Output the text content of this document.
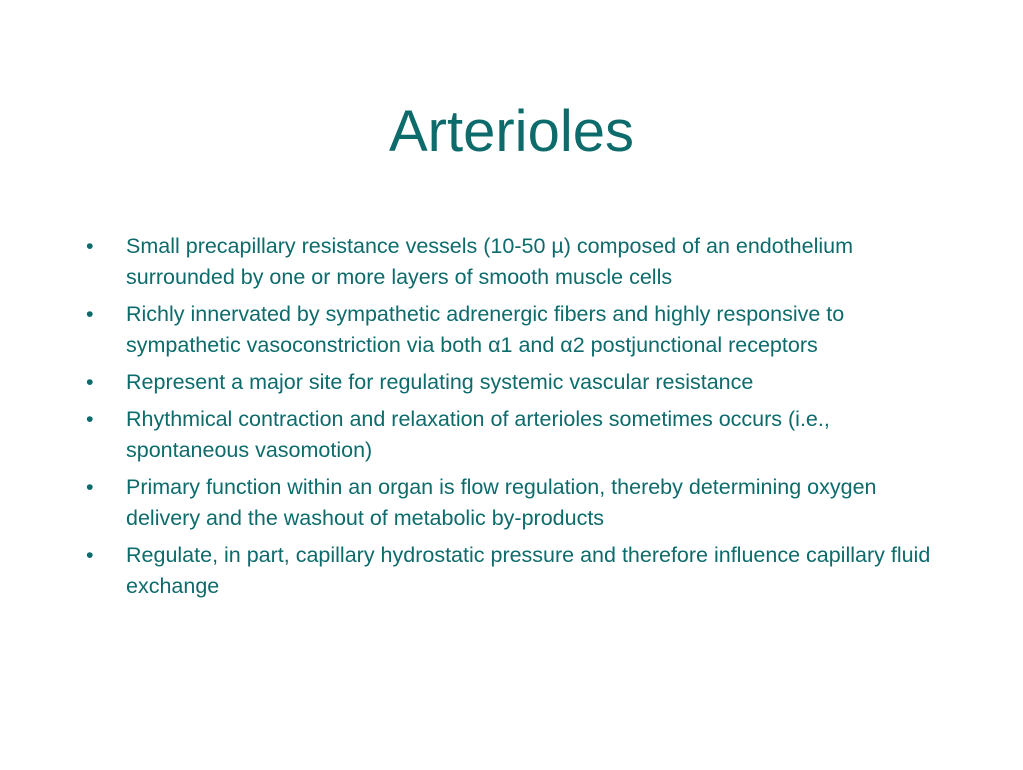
Arterioles
•	Small precapillary resistance vessels (10-50 µ) composed of an endothelium surrounded by one or more layers of smooth muscle cells
•	Richly innervated by sympathetic adrenergic fibers and highly responsive to sympathetic vasoconstriction via both α1 and α2 postjunctional receptors
•	Represent a major site for regulating systemic vascular resistance
•	Rhythmical contraction and relaxation of arterioles sometimes occurs (i.e., spontaneous vasomotion)
•	Primary function within an organ is flow regulation, thereby determining oxygen delivery and the washout of metabolic by-products
•	Regulate, in part, capillary hydrostatic pressure and therefore influence capillary fluid exchange
